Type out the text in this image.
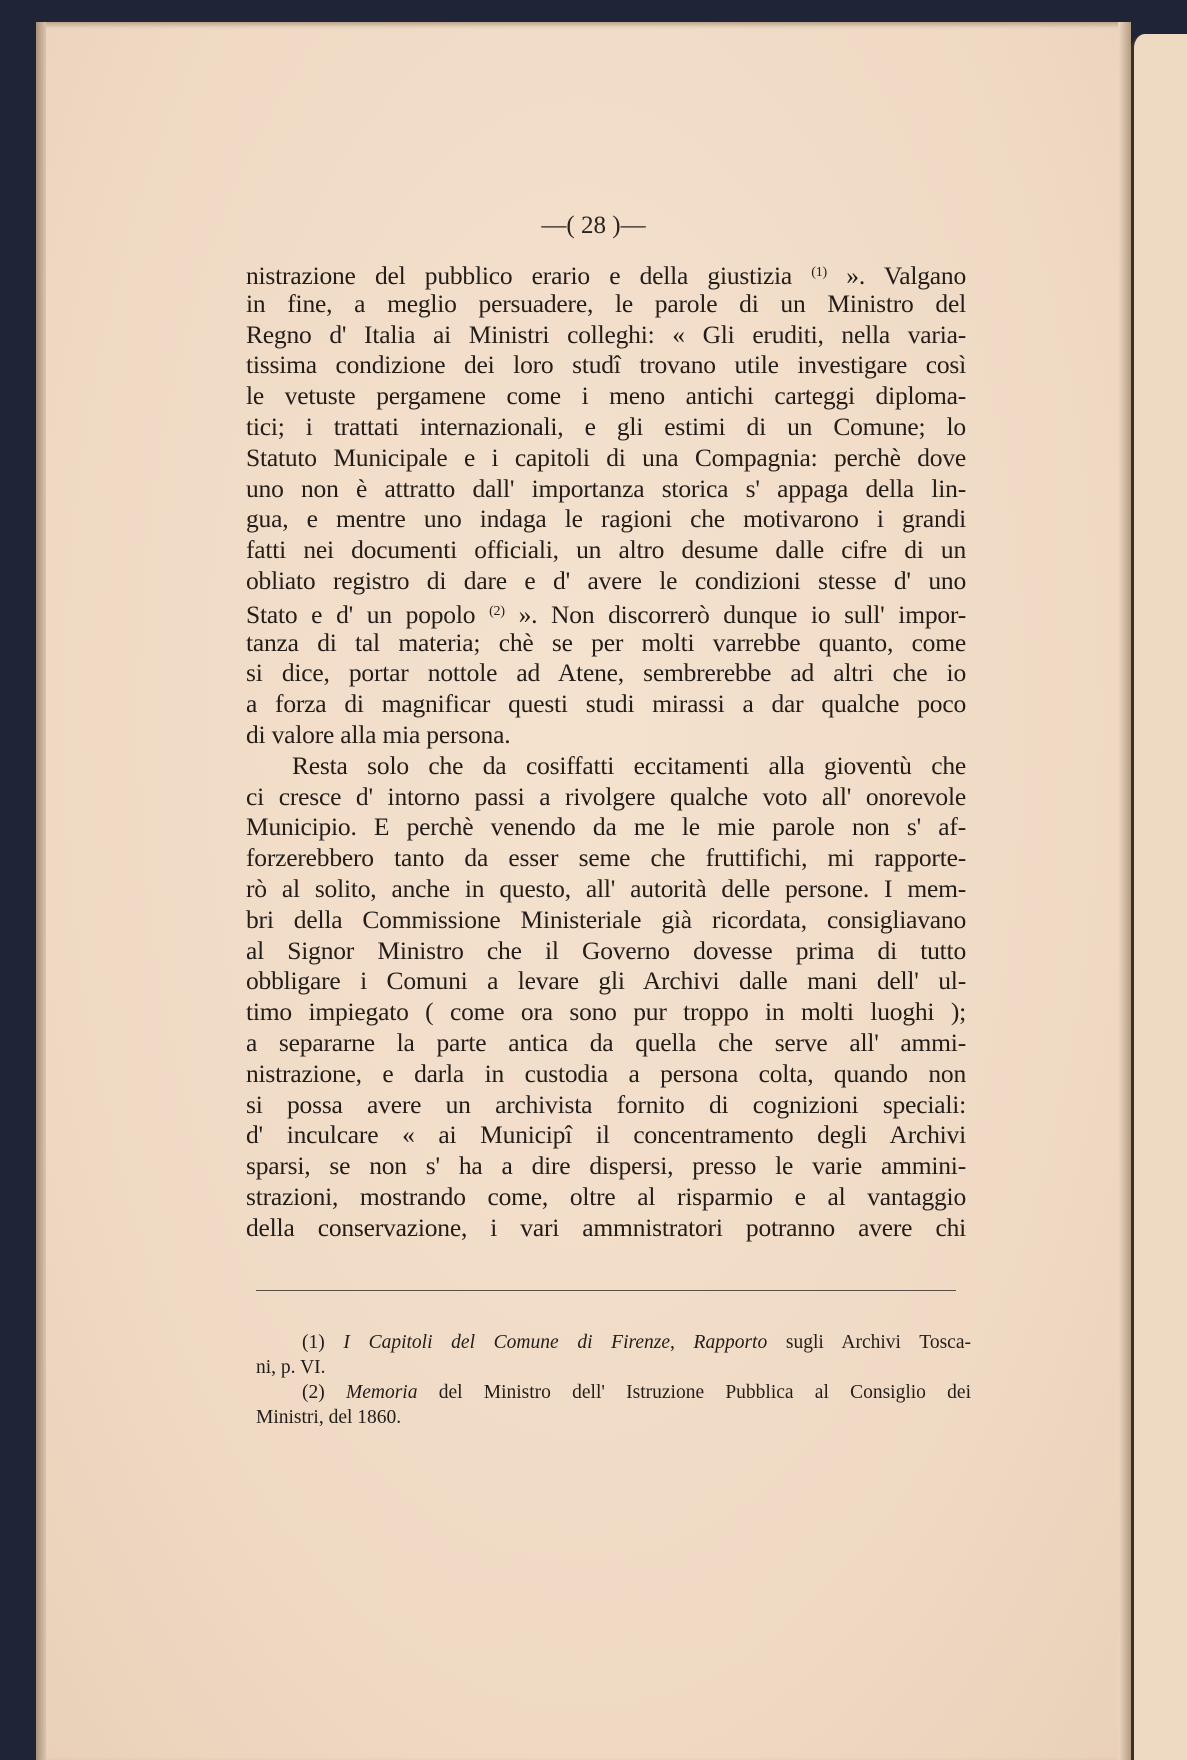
—( 28 )—
nistrazione del pubblico erario e della giustizia $^{(1)}$ ». Valgano
in fine, a meglio persuadere, le parole di un Ministro del
Regno d' Italia ai Ministri colleghi: « Gli eruditi, nella varia-
tissima condizione dei loro studî trovano utile investigare così
le vetuste pergamene come i meno antichi carteggi diploma-
tici; i trattati internazionali, e gli estimi di un Comune; lo
Statuto Municipale e i capitoli di una Compagnia: perchè dove
uno non è attratto dall' importanza storica s' appaga della lin-
gua, e mentre uno indaga le ragioni che motivarono i grandi
fatti nei documenti officiali, un altro desume dalle cifre di un
obliato registro di dare e d' avere le condizioni stesse d' uno
Stato e d' un popolo $^{(2)}$ ». Non discorrerò dunque io sull' impor-
tanza di tal materia; chè se per molti varrebbe quanto, come
si dice, portar nottole ad Atene, sembrerebbe ad altri che io
a forza di magnificar questi studi mirassi a dar qualche poco
di valore alla mia persona.
Resta solo che da cosiffatti eccitamenti alla gioventù che
ci cresce d' intorno passi a rivolgere qualche voto all' onorevole
Municipio. E perchè venendo da me le mie parole non s' af-
forzerebbero tanto da esser seme che fruttifichi, mi rapporte-
rò al solito, anche in questo, all' autorità delle persone. I mem-
bri della Commissione Ministeriale già ricordata, consigliavano
al Signor Ministro che il Governo dovesse prima di tutto
obbligare i Comuni a levare gli Archivi dalle mani dell' ul-
timo impiegato ( come ora sono pur troppo in molti luoghi );
a separarne la parte antica da quella che serve all' ammi-
nistrazione, e darla in custodia a persona colta, quando non
si possa avere un archivista fornito di cognizioni speciali:
d' inculcare « ai Municipî il concentramento degli Archivi
sparsi, se non s' ha a dire dispersi, presso le varie ammini-
strazioni, mostrando come, oltre al risparmio e al vantaggio
della conservazione, i vari ammnistratori potranno avere chi
(1) I Capitoli del Comune di Firenze, Rapporto sugli Archivi Tosca-
ni, p. VI.
(2) Memoria del Ministro dell' Istruzione Pubblica al Consiglio dei
Ministri, del 1860.
